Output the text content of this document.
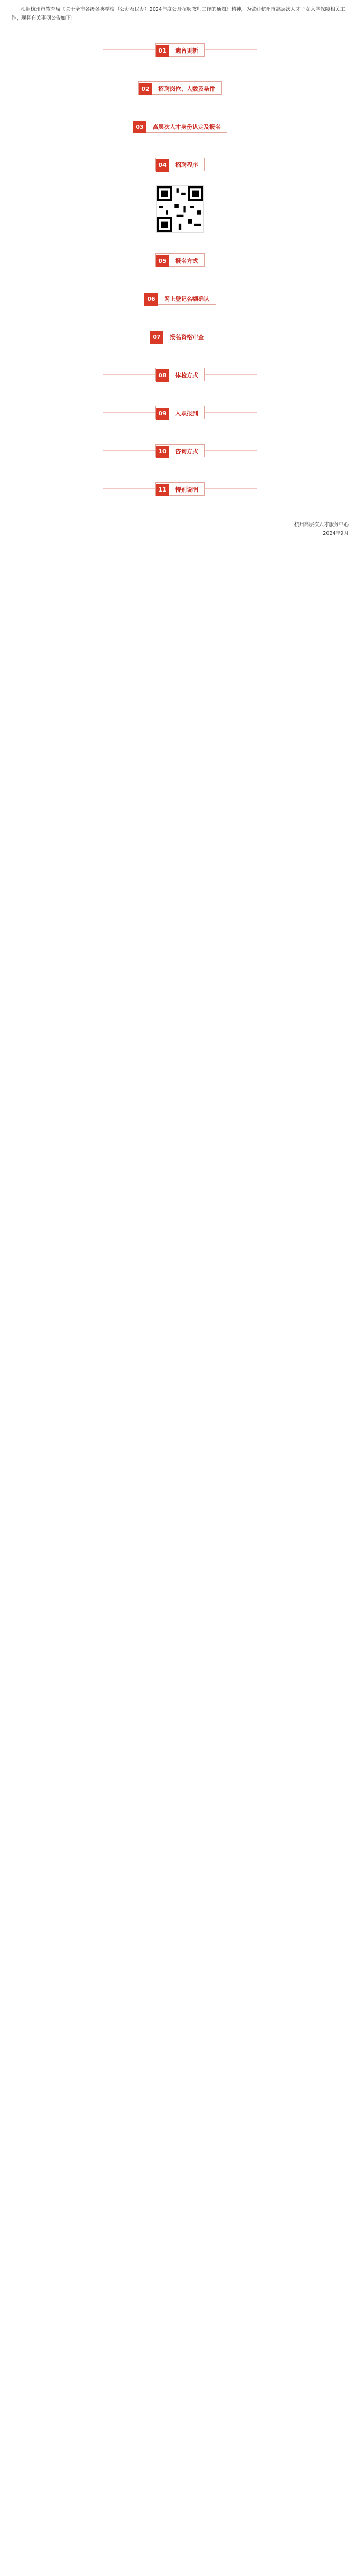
根据杭州市教育局《关于全市各级各类学校（公办及民办）2024年度公开招聘教师工作的通知》精神，为做好杭州市高层次人才子女入学保障相关工作，现将有关事项公告如下：

01 遗留更新
02 招聘岗位、人数及条件
03 高层次人才身份认定及报名
04 招聘程序
05 报名方式
06 网上登记名额确认
07 报名资格审查
08 体检方式
09 入职报到
10 咨询方式
11 特别说明
杭州高层次人才服务中心
2024年9月
